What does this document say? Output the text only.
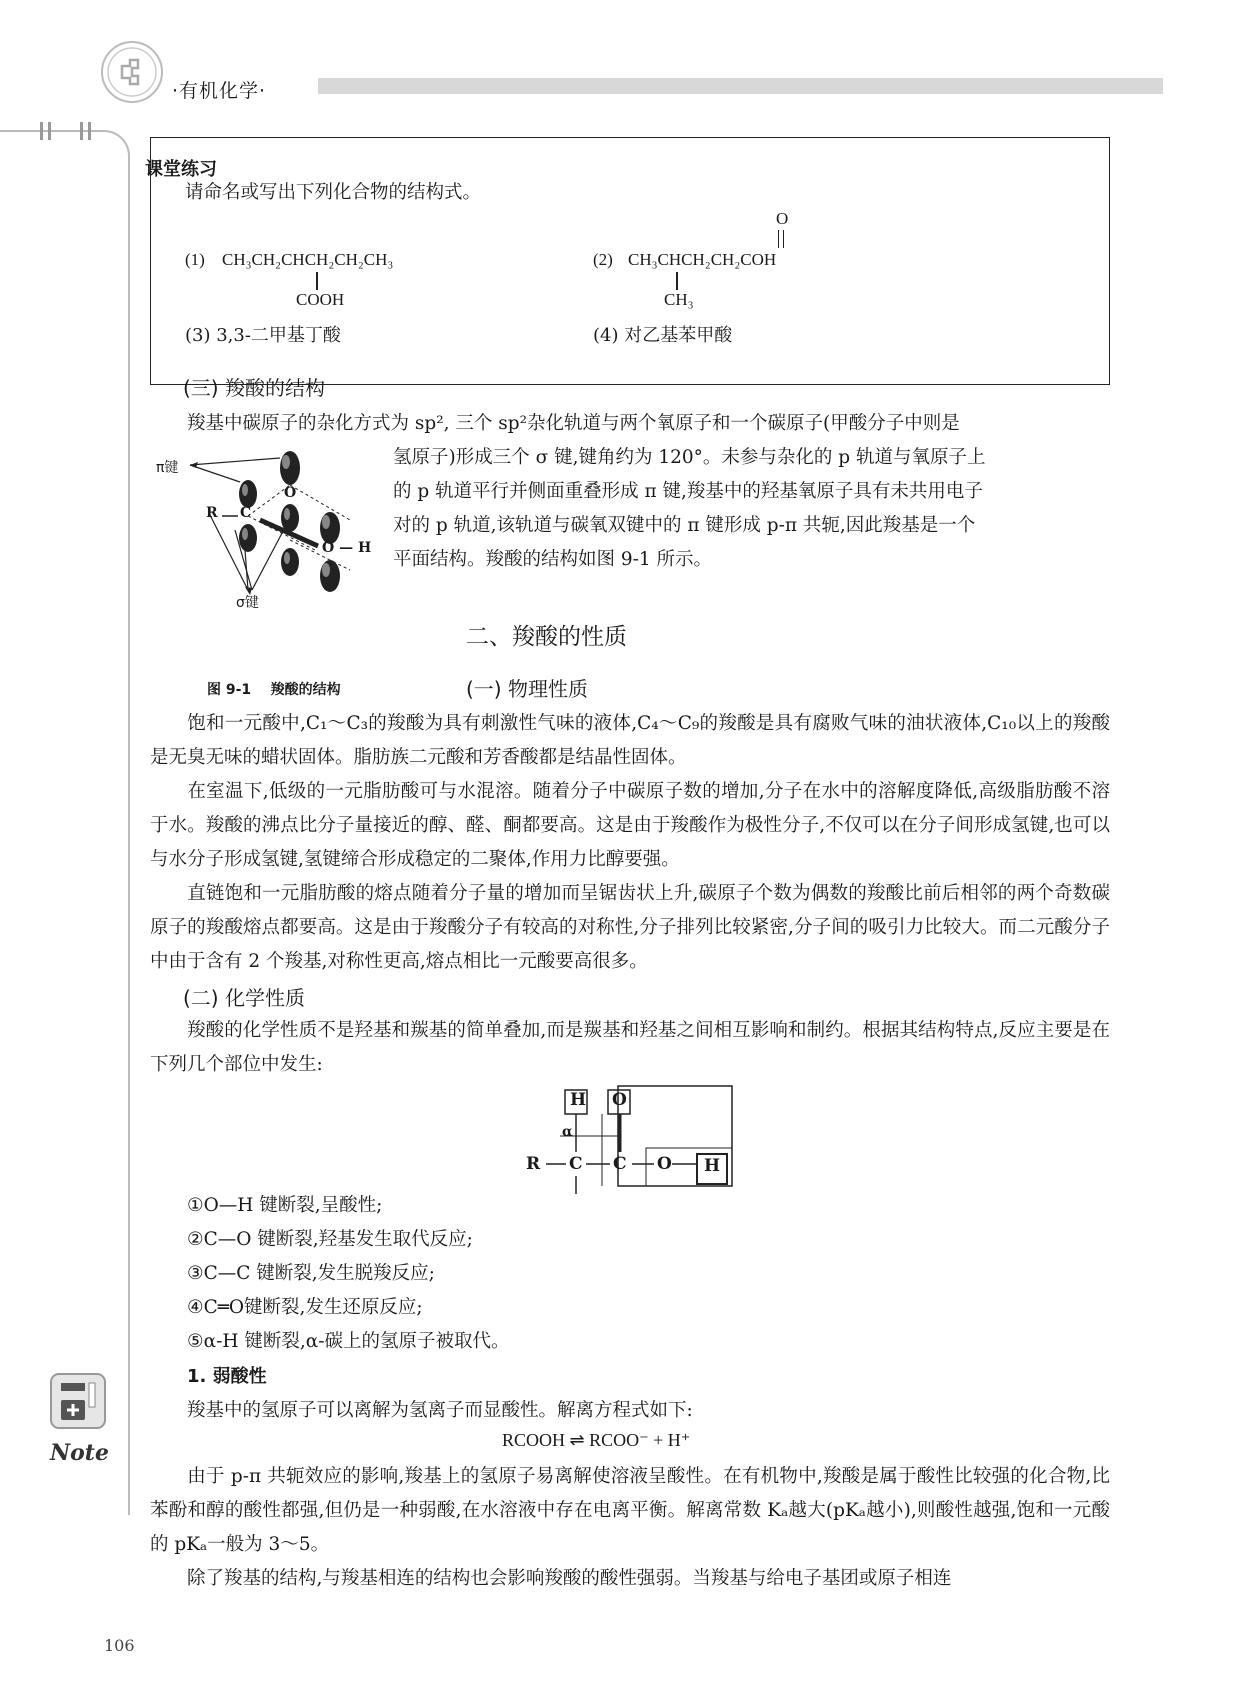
·有机化学·
Note
课堂练习
请命名或写出下列化合物的结构式。
(1) CH₃CH₂CHCH₂CH₂CH₃
COOH
O
(2) CH₃CHCH₂CH₂COH
CH₃
(3) 3,3-二甲基丁酸	(4) 对乙基苯甲酸
(三) 羧酸的结构
羧基中碳原子的杂化方式为 sp², 三个 sp²杂化轨道与两个氧原子和一个碳原子(甲酸分子中则是
氢原子)形成三个 σ 键,键角约为 120°。未参与杂化的 p 轨道与氧原子上
的 p 轨道平行并侧面重叠形成 π 键,羧基中的羟基氧原子具有未共用电子
对的 p 轨道,该轨道与碳氧双键中的 π 键形成 p-π 共轭,因此羧基是一个
平面结构。羧酸的结构如图 9-1 所示。
π键
σ键
R C
O
O — H
图 9-1    羧酸的结构
二、羧酸的性质
(一) 物理性质
饱和一元酸中,C₁～C₃的羧酸为具有刺激性气味的液体,C₄～C₉的羧酸是具有腐败气味的油状液体,C₁₀以上的羧酸是无臭无味的蜡状固体。脂肪族二元酸和芳香酸都是结晶性固体。
在室温下,低级的一元脂肪酸可与水混溶。随着分子中碳原子数的增加,分子在水中的溶解度降低,高级脂肪酸不溶于水。羧酸的沸点比分子量接近的醇、醛、酮都要高。这是由于羧酸作为极性分子,不仅可以在分子间形成氢键,也可以与水分子形成氢键,氢键缔合形成稳定的二聚体,作用力比醇要强。
直链饱和一元脂肪酸的熔点随着分子量的增加而呈锯齿状上升,碳原子个数为偶数的羧酸比前后相邻的两个奇数碳原子的羧酸熔点都要高。这是由于羧酸分子有较高的对称性,分子排列比较紧密,分子间的吸引力比较大。而二元酸分子中由于含有 2 个羧基,对称性更高,熔点相比一元酸要高很多。
(二) 化学性质
羧酸的化学性质不是羟基和羰基的简单叠加,而是羰基和羟基之间相互影响和制约。根据其结构特点,反应主要是在下列几个部位中发生:
H O
α
R C C O H
①O—H 键断裂,呈酸性;
②C—O 键断裂,羟基发生取代反应;
③C—C 键断裂,发生脱羧反应;
④C═O键断裂,发生还原反应;
⑤α-H 键断裂,α-碳上的氢原子被取代。
1. 弱酸性
羧基中的氢原子可以离解为氢离子而显酸性。解离方程式如下:
RCOOH ⇌ RCOO⁻ + H⁺
由于 p-π 共轭效应的影响,羧基上的氢原子易离解使溶液呈酸性。在有机物中,羧酸是属于酸性比较强的化合物,比苯酚和醇的酸性都强,但仍是一种弱酸,在水溶液中存在电离平衡。解离常数 Kₐ越大(pKₐ越小),则酸性越强,饱和一元酸的 pKₐ一般为 3～5。
除了羧基的结构,与羧基相连的结构也会影响羧酸的酸性强弱。当羧基与给电子基团或原子相连
106
